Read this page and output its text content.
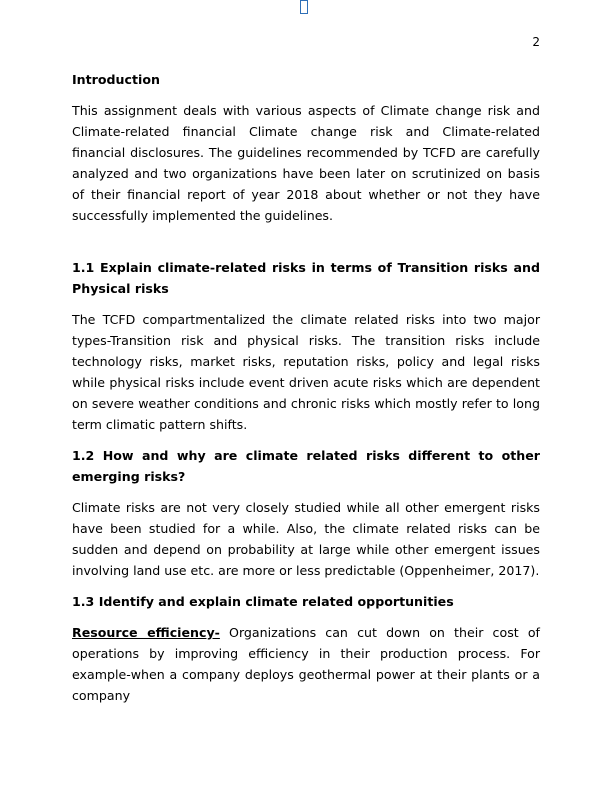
2

Introduction

This assignment deals with various aspects of Climate change risk and Climate-related financial Climate change risk and Climate-related financial disclosures. The guidelines recommended by TCFD are carefully analyzed and two organizations have been later on scrutinized on basis of their financial report of year 2018 about whether or not they have successfully implemented the guidelines.

1.1 Explain climate-related risks in terms of Transition risks and Physical risks

The TCFD compartmentalized the climate related risks into two major types-Transition risk and physical risks. The transition risks include technology risks, market risks, reputation risks, policy and legal risks while physical risks include event driven acute risks which are dependent on severe weather conditions and chronic risks which mostly refer to long term climatic pattern shifts.

1.2 How and why are climate related risks different to other emerging risks?

Climate risks are not very closely studied while all other emergent risks have been studied for a while. Also, the climate related risks can be sudden and depend on probability at large while other emergent issues involving land use etc. are more or less predictable (Oppenheimer, 2017).

1.3 Identify and explain climate related opportunities

Resource efficiency- Organizations can cut down on their cost of operations by improving efficiency in their production process. For example-when a company deploys geothermal power at their plants or a company
